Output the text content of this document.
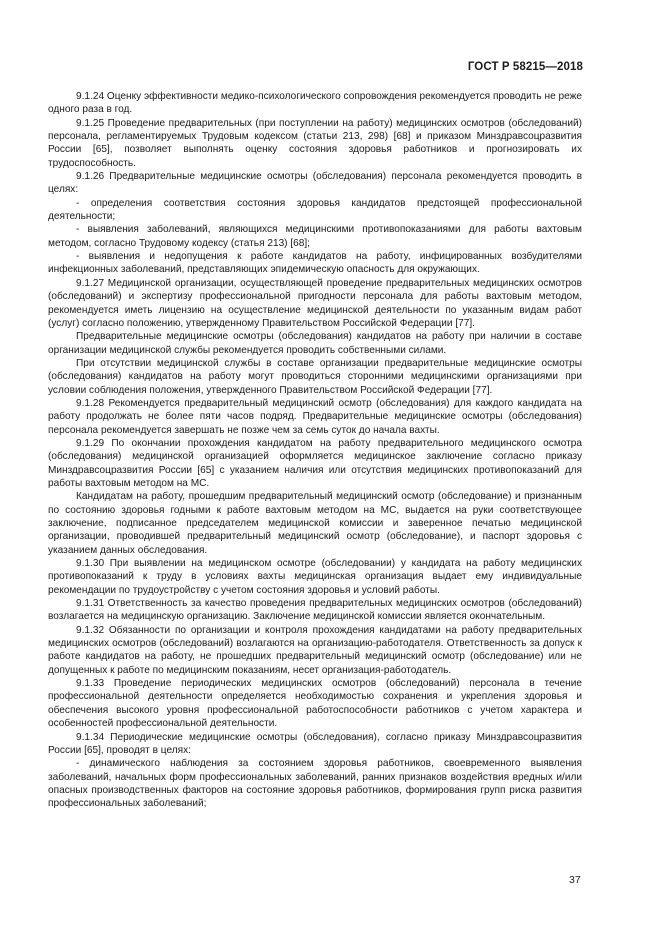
ГОСТ Р 58215—2018

9.1.24 Оценку эффективности медико-психологического сопровождения рекомендуется проводить не реже одного раза в год.

9.1.25 Проведение предварительных (при поступлении на работу) медицинских осмотров (обследований) персонала, регламентируемых Трудовым кодексом (статьи 213, 298) [68] и приказом Минздравсоцразвития России [65], позволяет выполнять оценку состояния здоровья работников и прогнозировать их трудоспособность.

9.1.26 Предварительные медицинские осмотры (обследования) персонала рекомендуется проводить в целях:

- определения соответствия состояния здоровья кандидатов предстоящей профессиональной деятельности;

- выявления заболеваний, являющихся медицинскими противопоказаниями для работы вахтовым методом, согласно Трудовому кодексу (статья 213) [68];

- выявления и недопущения к работе кандидатов на работу, инфицированных возбудителями инфекционных заболеваний, представляющих эпидемическую опасность для окружающих.

9.1.27 Медицинской организации, осуществляющей проведение предварительных медицинских осмотров (обследований) и экспертизу профессиональной пригодности персонала для работы вахтовым методом, рекомендуется иметь лицензию на осуществление медицинской деятельности по указанным видам работ (услуг) согласно положению, утвержденному Правительством Российской Федерации [77].

Предварительные медицинские осмотры (обследования) кандидатов на работу при наличии в составе организации медицинской службы рекомендуется проводить собственными силами.

При отсутствии медицинской службы в составе организации предварительные медицинские осмотры (обследования) кандидатов на работу могут проводиться сторонними медицинскими организациями при условии соблюдения положения, утвержденного Правительством Российской Федерации [77].

9.1.28 Рекомендуется предварительный медицинский осмотр (обследования) для каждого кандидата на работу продолжать не более пяти часов подряд. Предварительные медицинские осмотры (обследования) персонала рекомендуется завершать не позже чем за семь суток до начала вахты.

9.1.29 По окончании прохождения кандидатом на работу предварительного медицинского осмотра (обследования) медицинской организацией оформляется медицинское заключение согласно приказу Минздравсоцразвития России [65] с указанием наличия или отсутствия медицинских противопоказаний для работы вахтовым методом на МС.

Кандидатам на работу, прошедшим предварительный медицинский осмотр (обследование) и признанным по состоянию здоровья годными к работе вахтовым методом на МС, выдается на руки соответствующее заключение, подписанное председателем медицинской комиссии и заверенное печатью медицинской организации, проводившей предварительный медицинский осмотр (обследование), и паспорт здоровья с указанием данных обследования.

9.1.30 При выявлении на медицинском осмотре (обследовании) у кандидата на работу медицинских противопоказаний к труду в условиях вахты медицинская организация выдает ему индивидуальные рекомендации по трудоустройству с учетом состояния здоровья и условий работы.

9.1.31 Ответственность за качество проведения предварительных медицинских осмотров (обследований) возлагается на медицинскую организацию. Заключение медицинской комиссии является окончательным.

9.1.32 Обязанности по организации и контроля прохождения кандидатами на работу предварительных медицинских осмотров (обследований) возлагаются на организацию-работодателя. Ответственность за допуск к работе кандидатов на работу, не прошедших предварительный медицинский осмотр (обследование) или не допущенных к работе по медицинским показаниям, несет организация-работодатель.

9.1.33 Проведение периодических медицинских осмотров (обследований) персонала в течение профессиональной деятельности определяется необходимостью сохранения и укрепления здоровья и обеспечения высокого уровня профессиональной работоспособности работников с учетом характера и особенностей профессиональной деятельности.

9.1.34 Периодические медицинские осмотры (обследования), согласно приказу Минздравсоцразвития России [65], проводят в целях:

- динамического наблюдения за состоянием здоровья работников, своевременного выявления заболеваний, начальных форм профессиональных заболеваний, ранних признаков воздействия вредных и/или опасных производственных факторов на состояние здоровья работников, формирования групп риска развития профессиональных заболеваний;

37
